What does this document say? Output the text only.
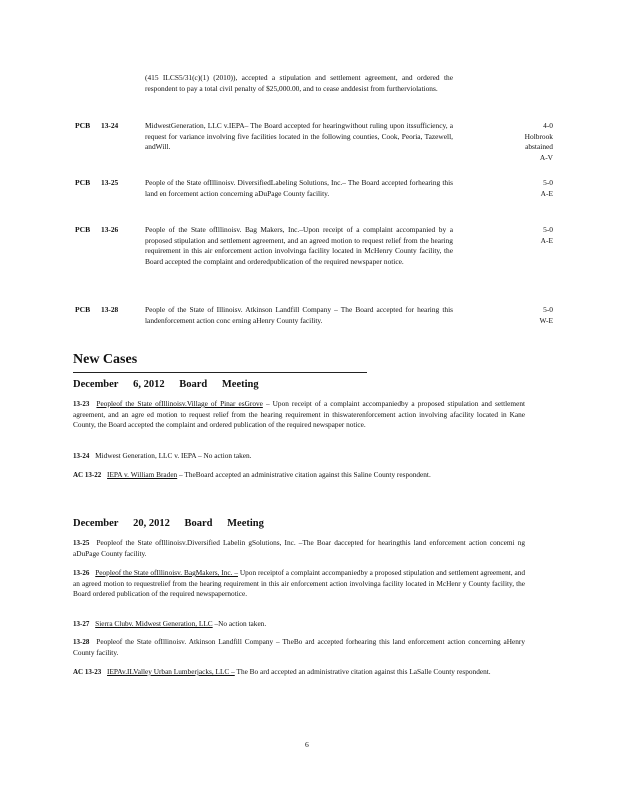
(415 ILCS5/31(c)(1) (2010)), accepted a stipulation and settlement agreement, and ordered the respondent to pay a total civil penalty of $25,000.00, and to cease anddesist from furtherviolations.
PCB 13-24	MidwestGeneration, LLC v.IEPA– The Board accepted for hearingwithout ruling upon itssufficiency, a request for variance involving five facilities located in the following counties, Cook, Peoria, Tazewell, andWill.
4-0
Holbrook
abstained
A-V
PCB 13-25	People of the State ofIllinoisv. DiversifiedLabeling Solutions, Inc.– The Board accepted forhearing this land en forcement action concerning aDuPage County facility.
5-0
A-E
PCB 13-26	People of the State ofIllinoisv. Bag Makers, Inc.–Upon receipt of a complaint accompanied by a proposed stipulation and settlement agreement, and an agreed motion to request relief from the hearing requirement in this air enforcement action involvinga facility located in McHenry County facility, the Board accepted the complaint and orderedpublication of the required newspaper notice.
5-0
A-E
PCB 13-28	People of the State of Illinoisv. Atkinson Landfill Company – The Board accepted for hearing this landenforcement action conc erning aHenry County facility.
5-0
W-E
New Cases
December 6, 2012 Board Meeting
13-23 Peopleof the State ofIllinoisv.Village of Pinar esGrove – Upon receipt of a complaint accompaniedby a proposed stipulation and settlement agreement, and an agre ed motion to request relief from the hearing requirement in thiswaterenforcement action involving afacility located in Kane County, the Board accepted the complaint and ordered publication of the required newspaper notice.
13-24 Midwest Generation, LLC v. IEPA – No action taken.
AC 13-22 IEPA v. William Braden – TheBoard accepted an administrative citation against this Saline County respondent.
December 20, 2012 Board Meeting
13-25 Peopleof the State ofIllinoisv.Diversified Labelin gSolutions, Inc. –The Boar daccepted for hearingthis land enforcement action concemi ng aDuPage County facility.
13-26 Peopleof the State ofIllinoisv. BagMakers, Inc. – Upon receiptof a complaint accompaniedby a proposed stipulation and settlement agreement, and an agreed motion to requestrelief from the hearing requirement in this air enforcement action involvinga facility located in McHenr y County facility, the Board ordered publication of the required newspapernotice.
13-27 Sierra Clubv. Midwest Generation, LLC –No action taken.
13-28 Peopleof the State ofIllinoisv. Atkinson Landfill Company – TheBo ard accepted forhearing this land enforcement action concerning aHenry County facility.
AC 13-23 IEPAv.ILValley Urban Lumberjacks, LLC – The Bo ard accepted an administrative citation against this LaSalle County respondent.
6
